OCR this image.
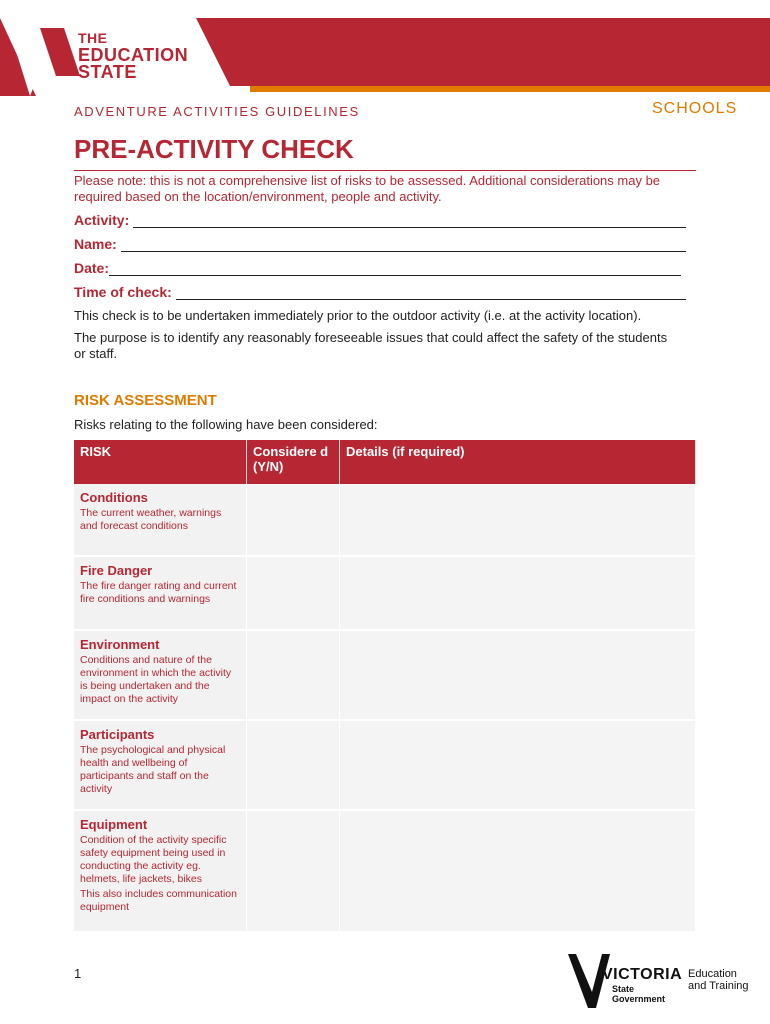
THE
EDUCATION
STATE
ADVENTURE ACTIVITIES GUIDELINES	SCHOOLS
PRE-ACTIVITY CHECK
Please note: this is not a comprehensive list of risks to be assessed. Additional considerations may be required based on the location/environment, people and activity.
Activity:
Name:
Date:
Time of check:
This check is to be undertaken immediately prior to the outdoor activity (i.e. at the activity location).
The purpose is to identify any reasonably foreseeable issues that could affect the safety of the students or staff.
RISK ASSESSMENT
Risks relating to the following have been considered:
RISK	Considere d (Y/N)	Details (if required)

Conditions
The current weather, warnings and forecast conditions		

Fire Danger
The fire danger rating and current fire conditions and warnings		

Environment
Conditions and nature of the environment in which the activity is being undertaken and the impact on the activity		

Participants
The psychological and physical health and wellbeing of participants and staff on the activity		

Equipment
Condition of the activity specific safety equipment being used in conducting the activity eg. helmets, life jackets, bikes
This also includes communication equipment		

1	VICTORIA
State
Government
Education
and Training
